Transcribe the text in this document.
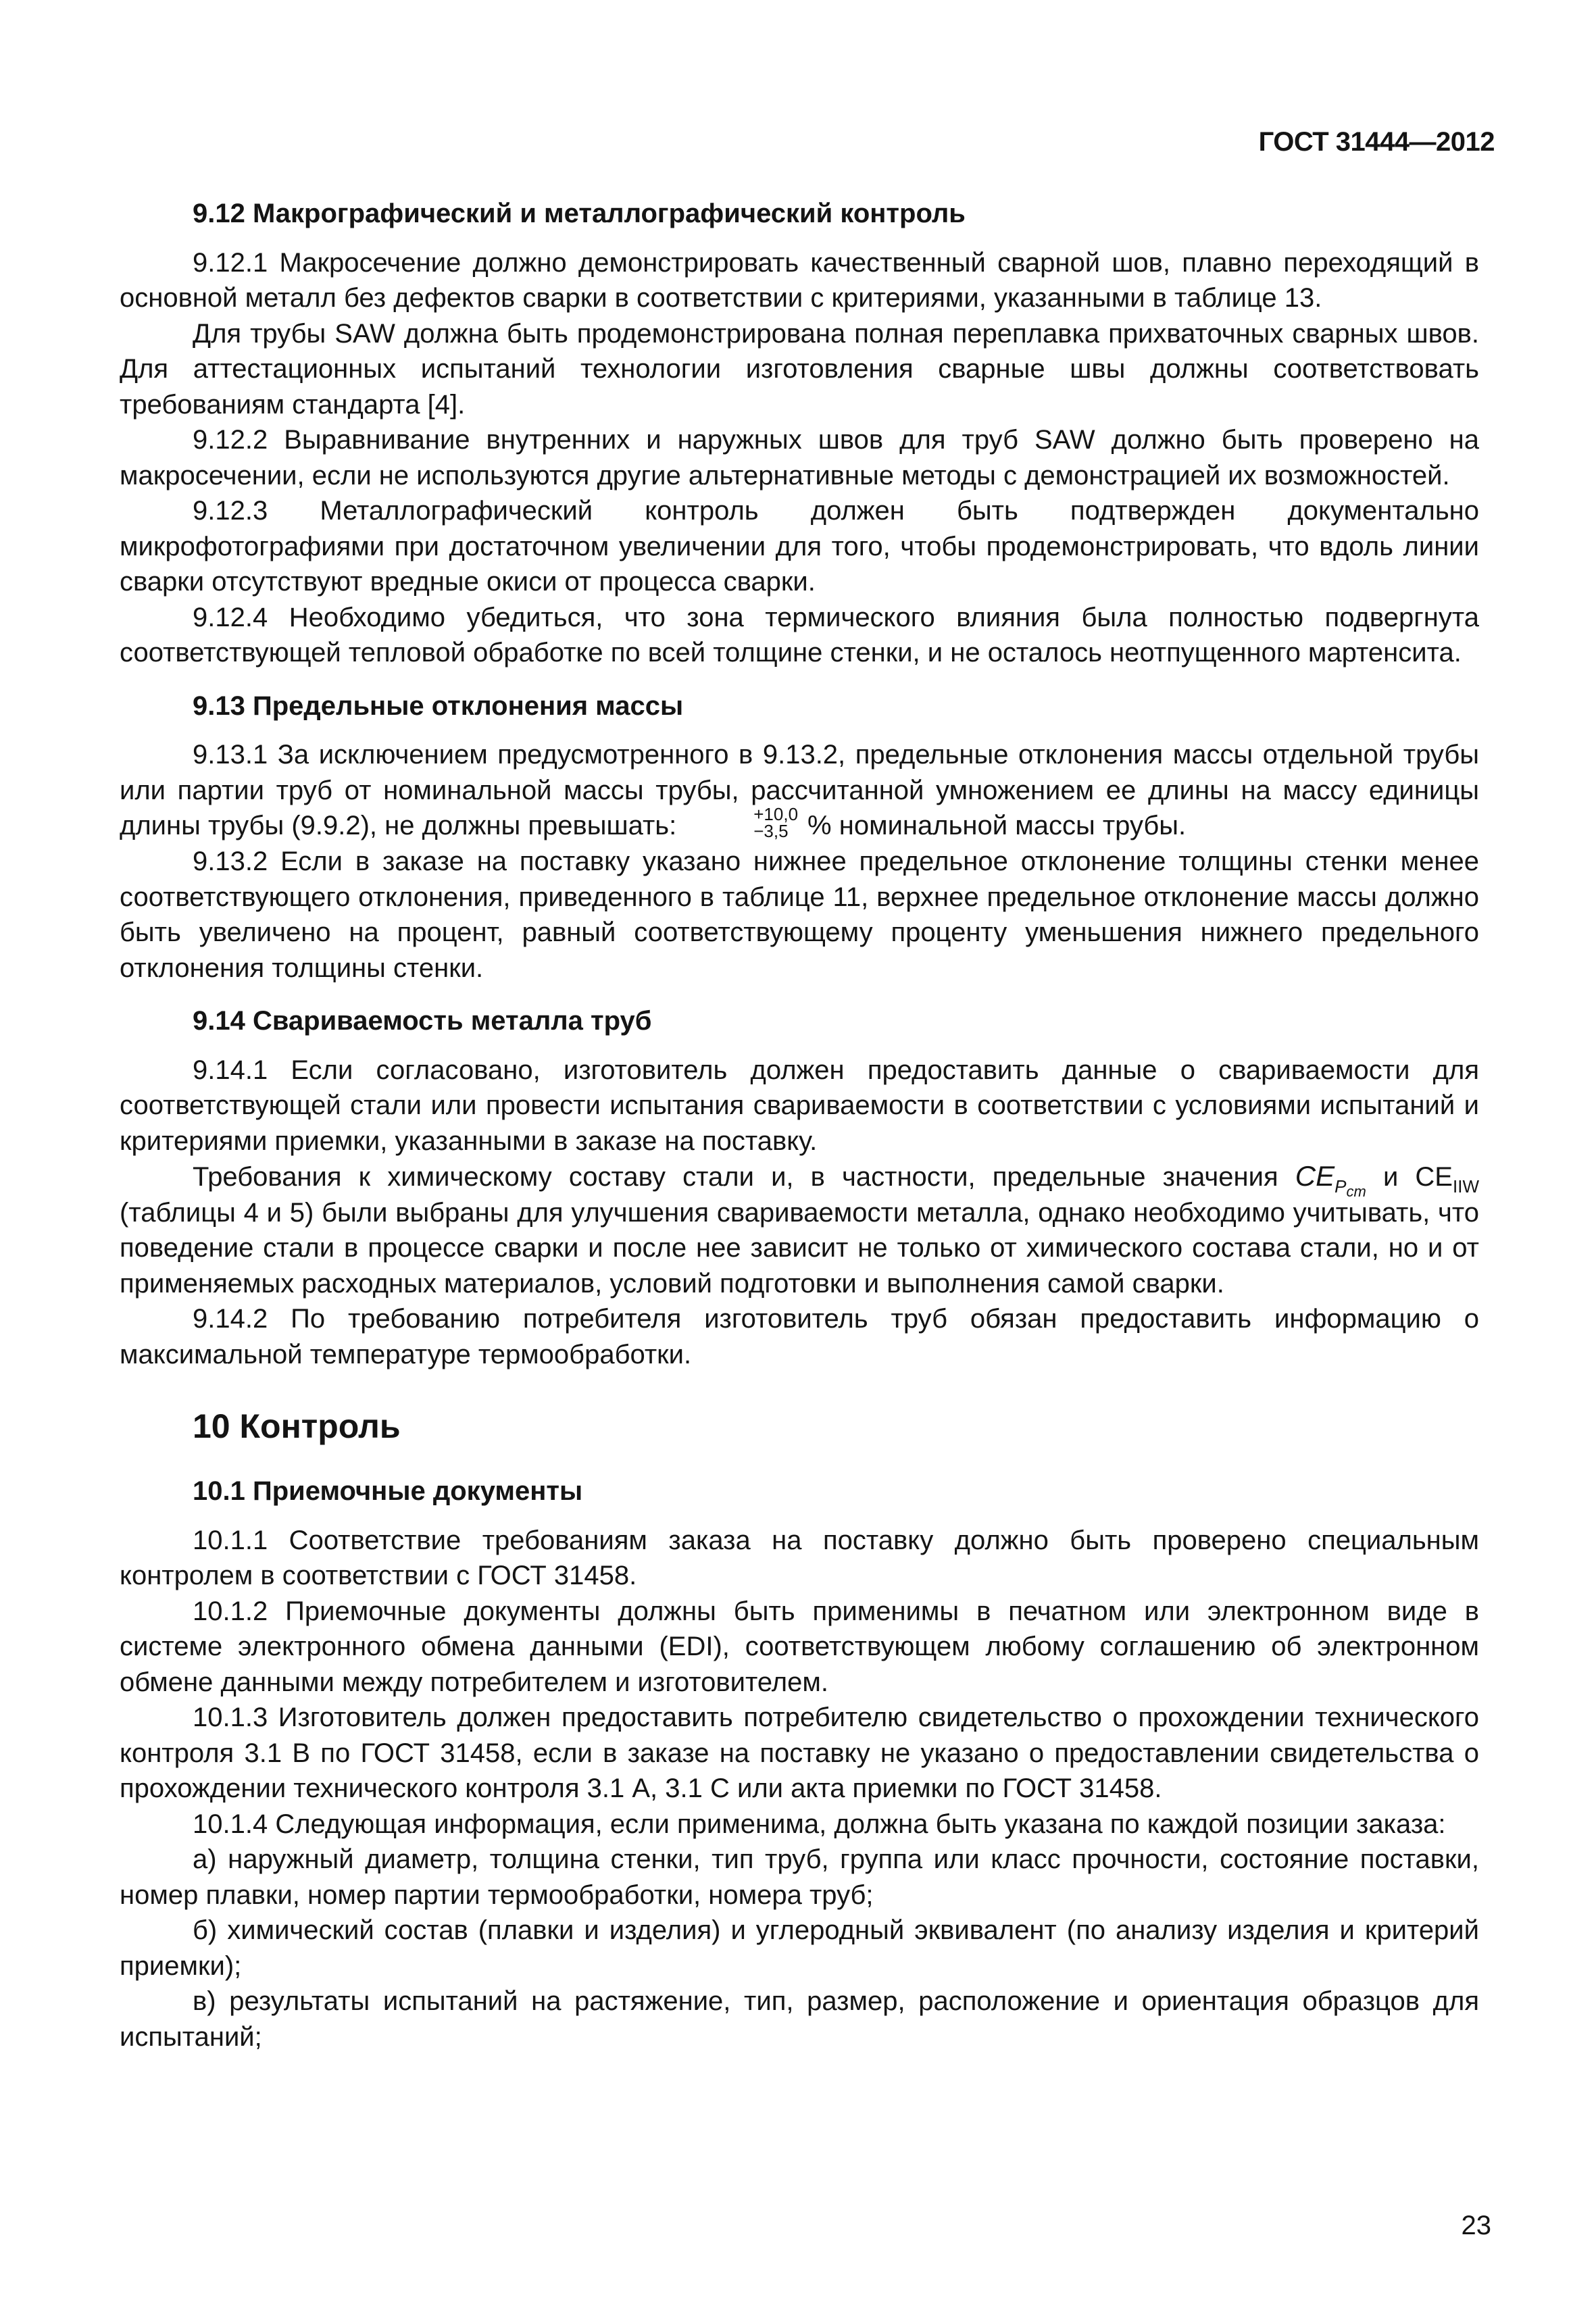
ГОСТ 31444—2012
9.12 Макрографический и металлографический контроль

9.12.1 Макросечение должно демонстрировать качественный сварной шов, плавно переходящий в основной металл без дефектов сварки в соответствии с критериями, указанными в таблице 13.

Для трубы SAW должна быть продемонстрирована полная переплавка прихваточных сварных швов. Для аттестационных испытаний технологии изготовления сварные швы должны соответствовать требованиям стандарта [4].

9.12.2 Выравнивание внутренних и наружных швов для труб SAW должно быть проверено на макросечении, если не используются другие альтернативные методы с демонстрацией их возможностей.

9.12.3 Металлографический контроль должен быть подтвержден документально микрофотографиями при достаточном увеличении для того, чтобы продемонстрировать, что вдоль линии сварки отсутствуют вредные окиси от процесса сварки.

9.12.4 Необходимо убедиться, что зона термического влияния была полностью подвергнута соответствующей тепловой обработке по всей толщине стенки, и не осталось неотпущенного мартенсита.

9.13 Предельные отклонения массы

9.13.1 За исключением предусмотренного в 9.13.2, предельные отклонения массы отдельной трубы или партии труб от номинальной массы трубы, рассчитанной умножением ее длины на массу единицы длины трубы (9.9.2), не должны превышать:	+10,0
−3,5 % номинальной массы трубы.

9.13.2 Если в заказе на поставку указано нижнее предельное отклонение толщины стенки менее соответствующего отклонения, приведенного в таблице 11, верхнее предельное отклонение массы должно быть увеличено на процент, равный соответствующему проценту уменьшения нижнего предельного отклонения толщины стенки.

9.14 Свариваемость металла труб

9.14.1 Если согласовано, изготовитель должен предоставить данные о свариваемости для соответствующей стали или провести испытания свариваемости в соответствии с условиями испытаний и критериями приемки, указанными в заказе на поставку.

Требования к химическому составу стали и, в частности, предельные значения $CE_{P_{cm}}$ и $CE_{IIW}$ (таблицы 4 и 5) были выбраны для улучшения свариваемости металла, однако необходимо учитывать, что поведение стали в процессе сварки и после нее зависит не только от химического состава стали, но и от применяемых расходных материалов, условий подготовки и выполнения самой сварки.

9.14.2 По требованию потребителя изготовитель труб обязан предоставить информацию о максимальной температуре термообработки.

10 Контроль
10.1 Приемочные документы

10.1.1 Соответствие требованиям заказа на поставку должно быть проверено специальным контролем в соответствии с ГОСТ 31458.

10.1.2 Приемочные документы должны быть применимы в печатном или электронном виде в системе электронного обмена данными (EDI), соответствующем любому соглашению об электронном обмене данными между потребителем и изготовителем.

10.1.3 Изготовитель должен предоставить потребителю свидетельство о прохождении технического контроля 3.1 В по ГОСТ 31458, если в заказе на поставку не указано о предоставлении свидетельства о прохождении технического контроля 3.1 А, 3.1 С или акта приемки по ГОСТ 31458.

10.1.4 Следующая информация, если применима, должна быть указана по каждой позиции заказа:

а) наружный диаметр, толщина стенки, тип труб, группа или класс прочности, состояние поставки, номер плавки, номер партии термообработки, номера труб;

б) химический состав (плавки и изделия) и углеродный эквивалент (по анализу изделия и критерий приемки);

в) результаты испытаний на растяжение, тип, размер, расположение и ориентация образцов для испытаний;

23
